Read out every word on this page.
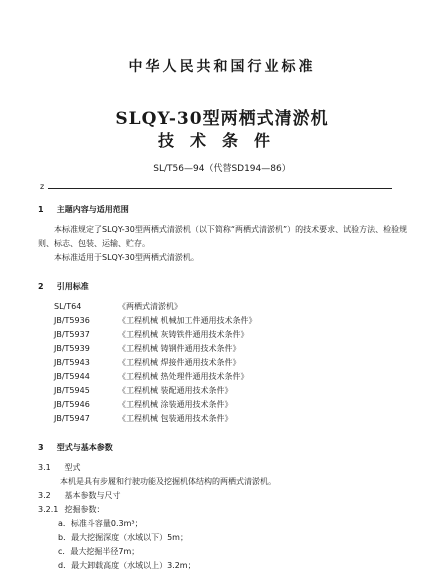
中华人民共和国行业标准
SLQY-30型两栖式清淤机
技术条件
SL/T56—94（代替SD194—86）
z
1 主题内容与适用范围

本标准规定了SLQY-30型两栖式清淤机（以下简称“两栖式清淤机”）的技术要求、试验方法、检验规则、标志、包装、运输、贮存。

本标准适用于SLQY-30型两栖式清淤机。

2 引用标准
SL/T64	《两栖式清淤机》
JB/T5936	《工程机械 机械加工件通用技术条件》
JB/T5937	《工程机械 灰铸铁件通用技术条件》
JB/T5939	《工程机械 铸钢件通用技术条件》
JB/T5943	《工程机械 焊接件通用技术条件》
JB/T5944	《工程机械 热处理件通用技术条件》
JB/T5945	《工程机械 装配通用技术条件》
JB/T5946	《工程机械 涂装通用技术条件》
JB/T5947	《工程机械 包装通用技术条件》
3 型式与基本参数
3.1 型式
本机是具有步履和行驶功能及挖掘机体结构的两栖式清淤机。
3.2 基本参数与尺寸
3.2.1 挖掘参数：
a．标准斗容量0.3m³；
b．最大挖掘深度（水域以下）5m；
c．最大挖掘半径7m；
d．最大卸载高度（水域以上）3.2m；
